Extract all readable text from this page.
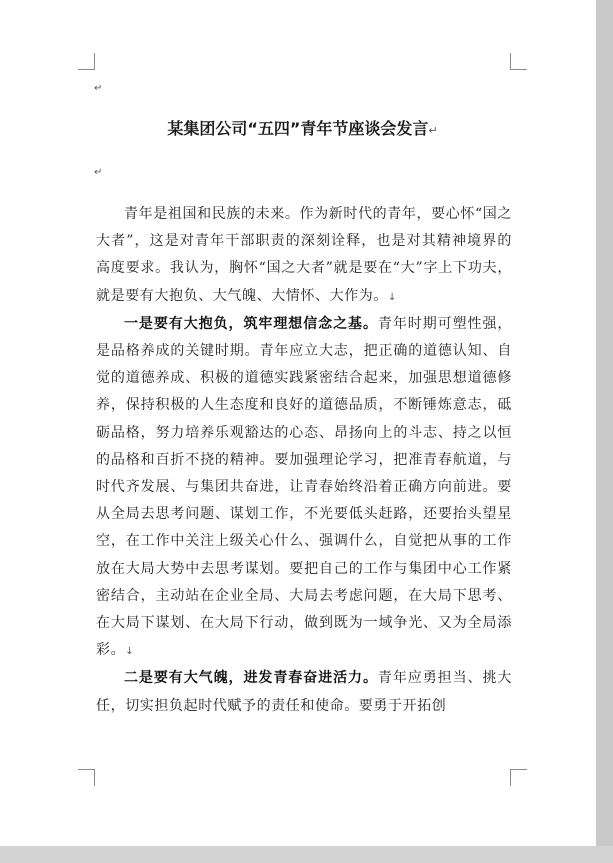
↵
某集团公司“五四”青年节座谈会发言↵
↵

青年是祖国和民族的未来。作为新时代的青年，要心怀“国之大者”，这是对青年干部职责的深刻诠释，也是对其精神境界的高度要求。我认为，胸怀“国之大者”就是要在“大”字上下功夫，就是要有大抱负、大气魄、大情怀、大作为。↓

一是要有大抱负，筑牢理想信念之基。青年时期可塑性强，是品格养成的关键时期。青年应立大志，把正确的道德认知、自觉的道德养成、积极的道德实践紧密结合起来，加强思想道德修养，保持积极的人生态度和良好的道德品质，不断锤炼意志，砥砺品格，努力培养乐观豁达的心态、昂扬向上的斗志、持之以恒的品格和百折不挠的精神。要加强理论学习，把准青春航道，与时代齐发展、与集团共奋进，让青春始终沿着正确方向前进。要从全局去思考问题、谋划工作，不光要低头赶路，还要抬头望星空，在工作中关注上级关心什么、强调什么，自觉把从事的工作放在大局大势中去思考谋划。要把自己的工作与集团中心工作紧密结合，主动站在企业全局、大局去考虑问题，在大局下思考、在大局下谋划、在大局下行动，做到既为一域争光、又为全局添彩。↓

二是要有大气魄，进发青春奋进活力。青年应勇担当、挑大任，切实担负起时代赋予的责任和使命。要勇于开拓创
